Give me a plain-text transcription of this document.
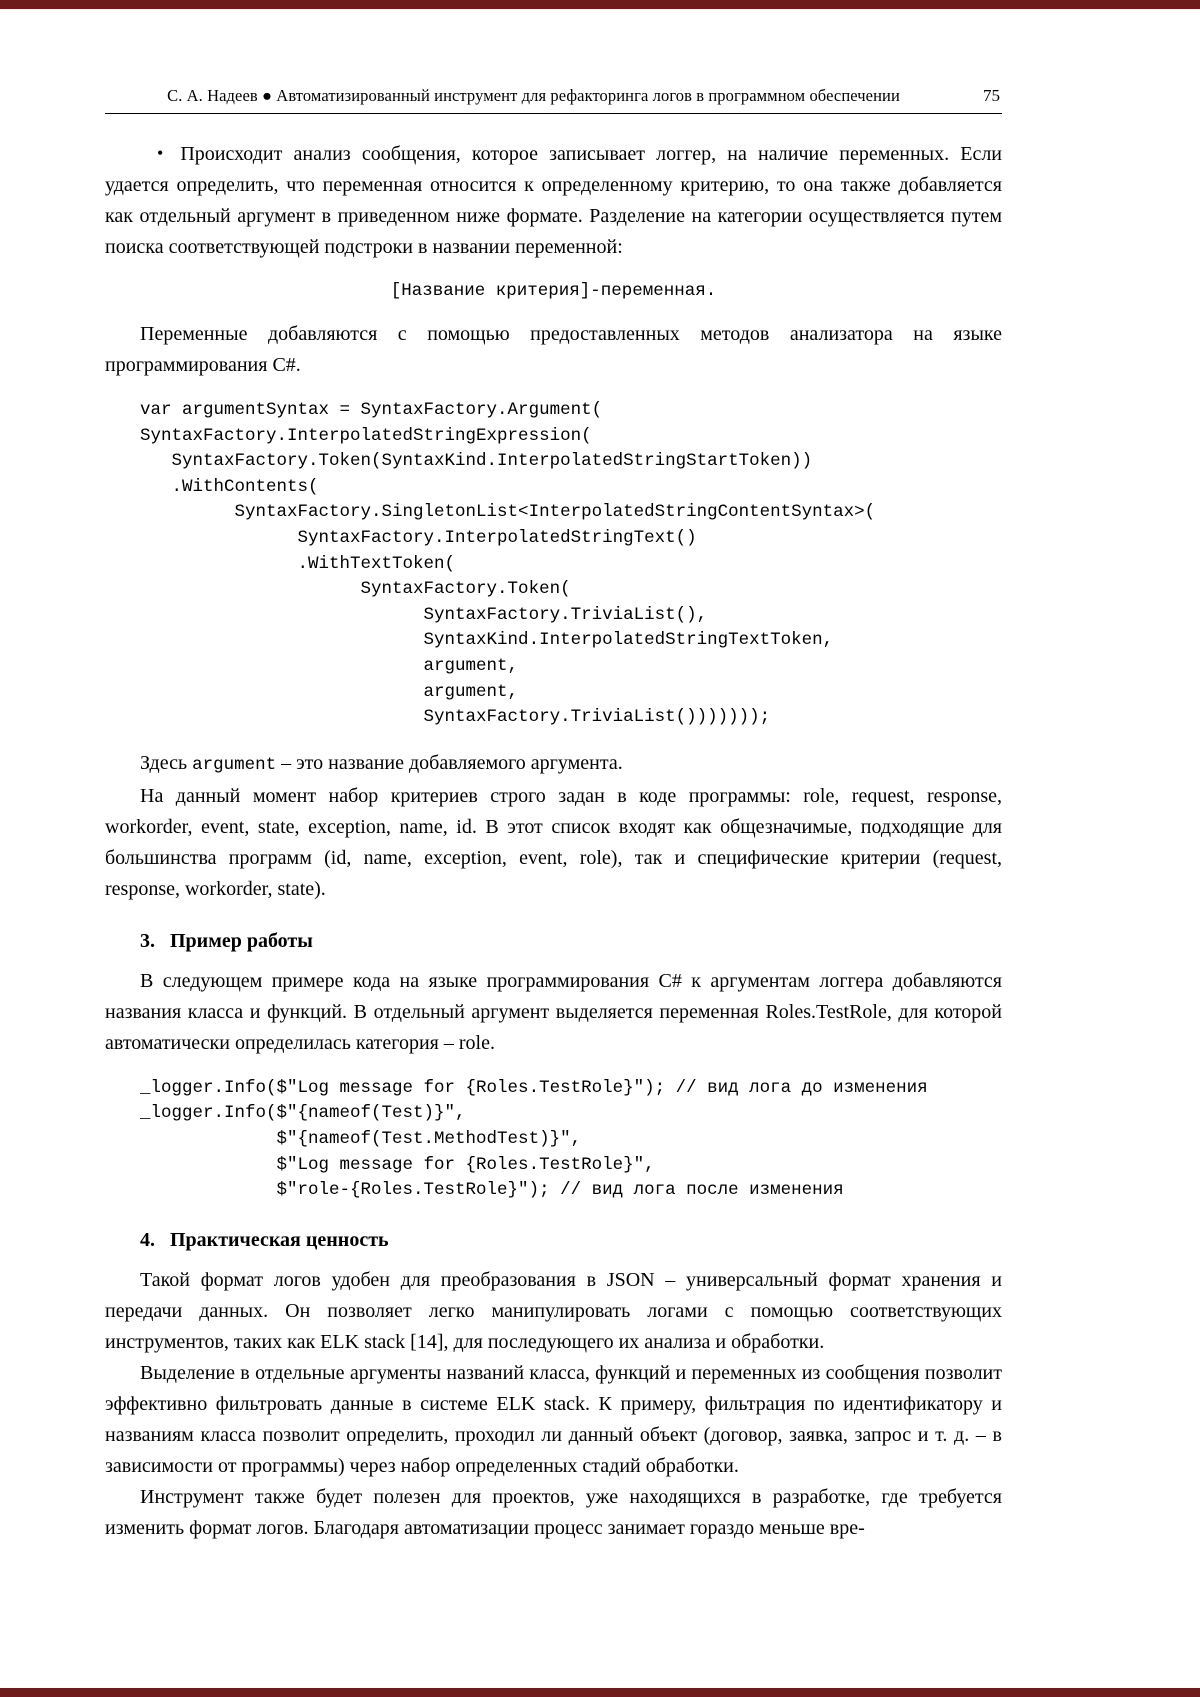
С. А. Надеев ● Автоматизированный инструмент для рефакторинга логов в программном обеспечении	75

• Происходит анализ сообщения, которое записывает логгер, на наличие переменных. Если удается определить, что переменная относится к определенному критерию, то она также добавляется как отдельный аргумент в приведенном ниже формате. Разделение на категории осуществляется путем поиска соответствующей подстроки в названии переменной:

[Название критерия]-переменная.

Переменные добавляются с помощью предоставленных методов анализатора на языке программирования C#.

var argumentSyntax = SyntaxFactory.Argument(
SyntaxFactory.InterpolatedStringExpression(
SyntaxFactory.Token(SyntaxKind.InterpolatedStringStartToken))
.WithContents(
SyntaxFactory.SingletonList<InterpolatedStringContentSyntax>(
SyntaxFactory.InterpolatedStringText()
.WithTextToken(
SyntaxFactory.Token(
SyntaxFactory.TriviaList(),
SyntaxKind.InterpolatedStringTextToken,
argument,
argument,
SyntaxFactory.TriviaList()))))));

Здесь argument – это название добавляемого аргумента.

На данный момент набор критериев строго задан в коде программы: role, request, response, workorder, event, state, exception, name, id. В этот список входят как общезначимые, подходящие для большинства программ (id, name, exception, event, role), так и специфические критерии (request, response, workorder, state).

3. Пример работы

В следующем примере кода на языке программирования C# к аргументам логгера добавляются названия класса и функций. В отдельный аргумент выделяется переменная Roles.TestRole, для которой автоматически определилась категория – role.

_logger.Info($"Log message for {Roles.TestRole}"); // вид лога до изменения
_logger.Info($"{nameof(Test)}",
$"{nameof(Test.MethodTest)}",
$"Log message for {Roles.TestRole}",
$"role-{Roles.TestRole}"); // вид лога после изменения
4. Практическая ценность

Такой формат логов удобен для преобразования в JSON – универсальный формат хранения и передачи данных. Он позволяет легко манипулировать логами с помощью соответствующих инструментов, таких как ELK stack [14], для последующего их анализа и обработки.

Выделение в отдельные аргументы названий класса, функций и переменных из сообщения позволит эффективно фильтровать данные в системе ELK stack. К примеру, фильтрация по идентификатору и названиям класса позволит определить, проходил ли данный объект (договор, заявка, запрос и т. д. – в зависимости от программы) через набор определенных стадий обработки.

Инструмент также будет полезен для проектов, уже находящихся в разработке, где требуется изменить формат логов. Благодаря автоматизации процесс занимает гораздо меньше вре-
